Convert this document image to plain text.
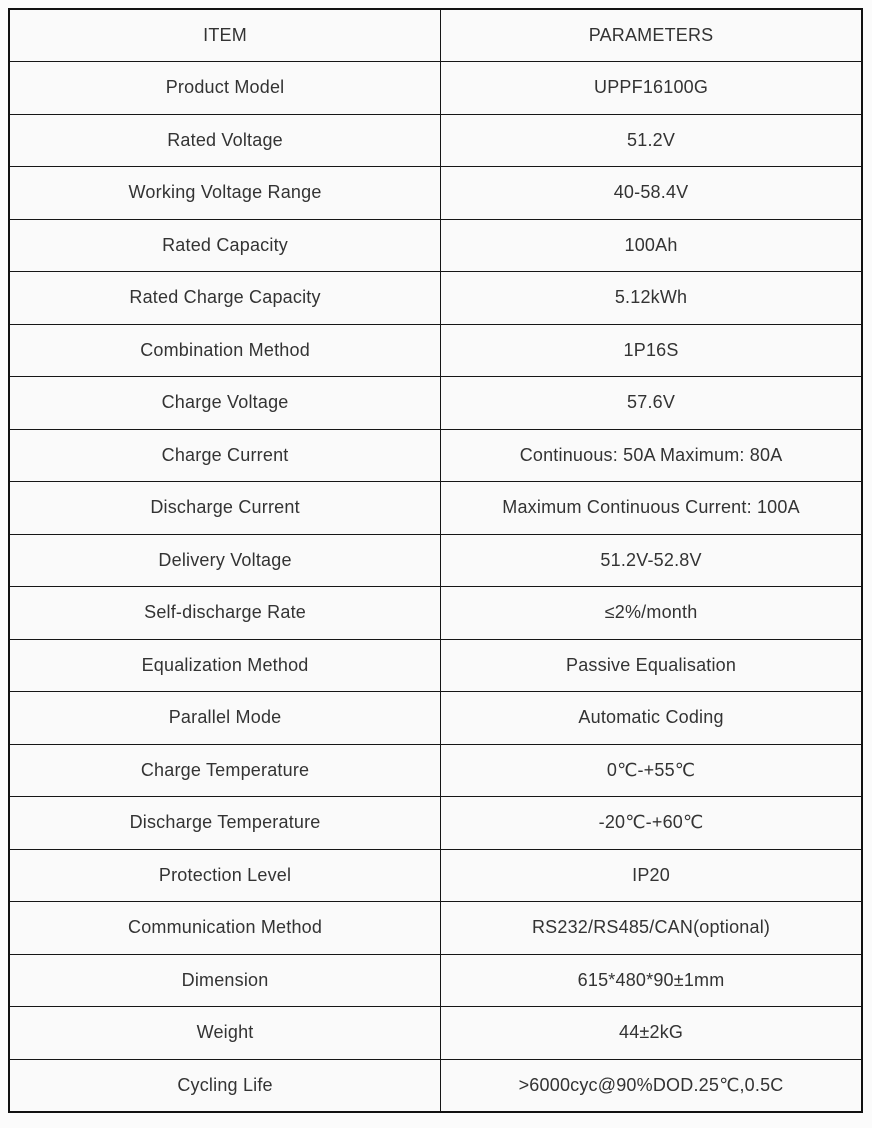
ITEM	PARAMETERS
Product Model	UPPF16100G
Rated Voltage	51.2V
Working Voltage Range	40-58.4V
Rated Capacity	100Ah
Rated Charge Capacity	5.12kWh
Combination Method	1P16S
Charge Voltage	57.6V
Charge Current	Continuous: 50A Maximum: 80A
Discharge Current	Maximum Continuous Current: 100A
Delivery Voltage	51.2V-52.8V
Self-discharge Rate	≤2%/month
Equalization Method	Passive Equalisation
Parallel Mode	Automatic Coding
Charge Temperature	0℃-+55℃
Discharge Temperature	-20℃-+60℃
Protection Level	IP20
Communication Method	RS232/RS485/CAN(optional)
Dimension	615*480*90±1mm
Weight	44±2kG
Cycling Life	>6000cyc@90%DOD.25℃,0.5C
